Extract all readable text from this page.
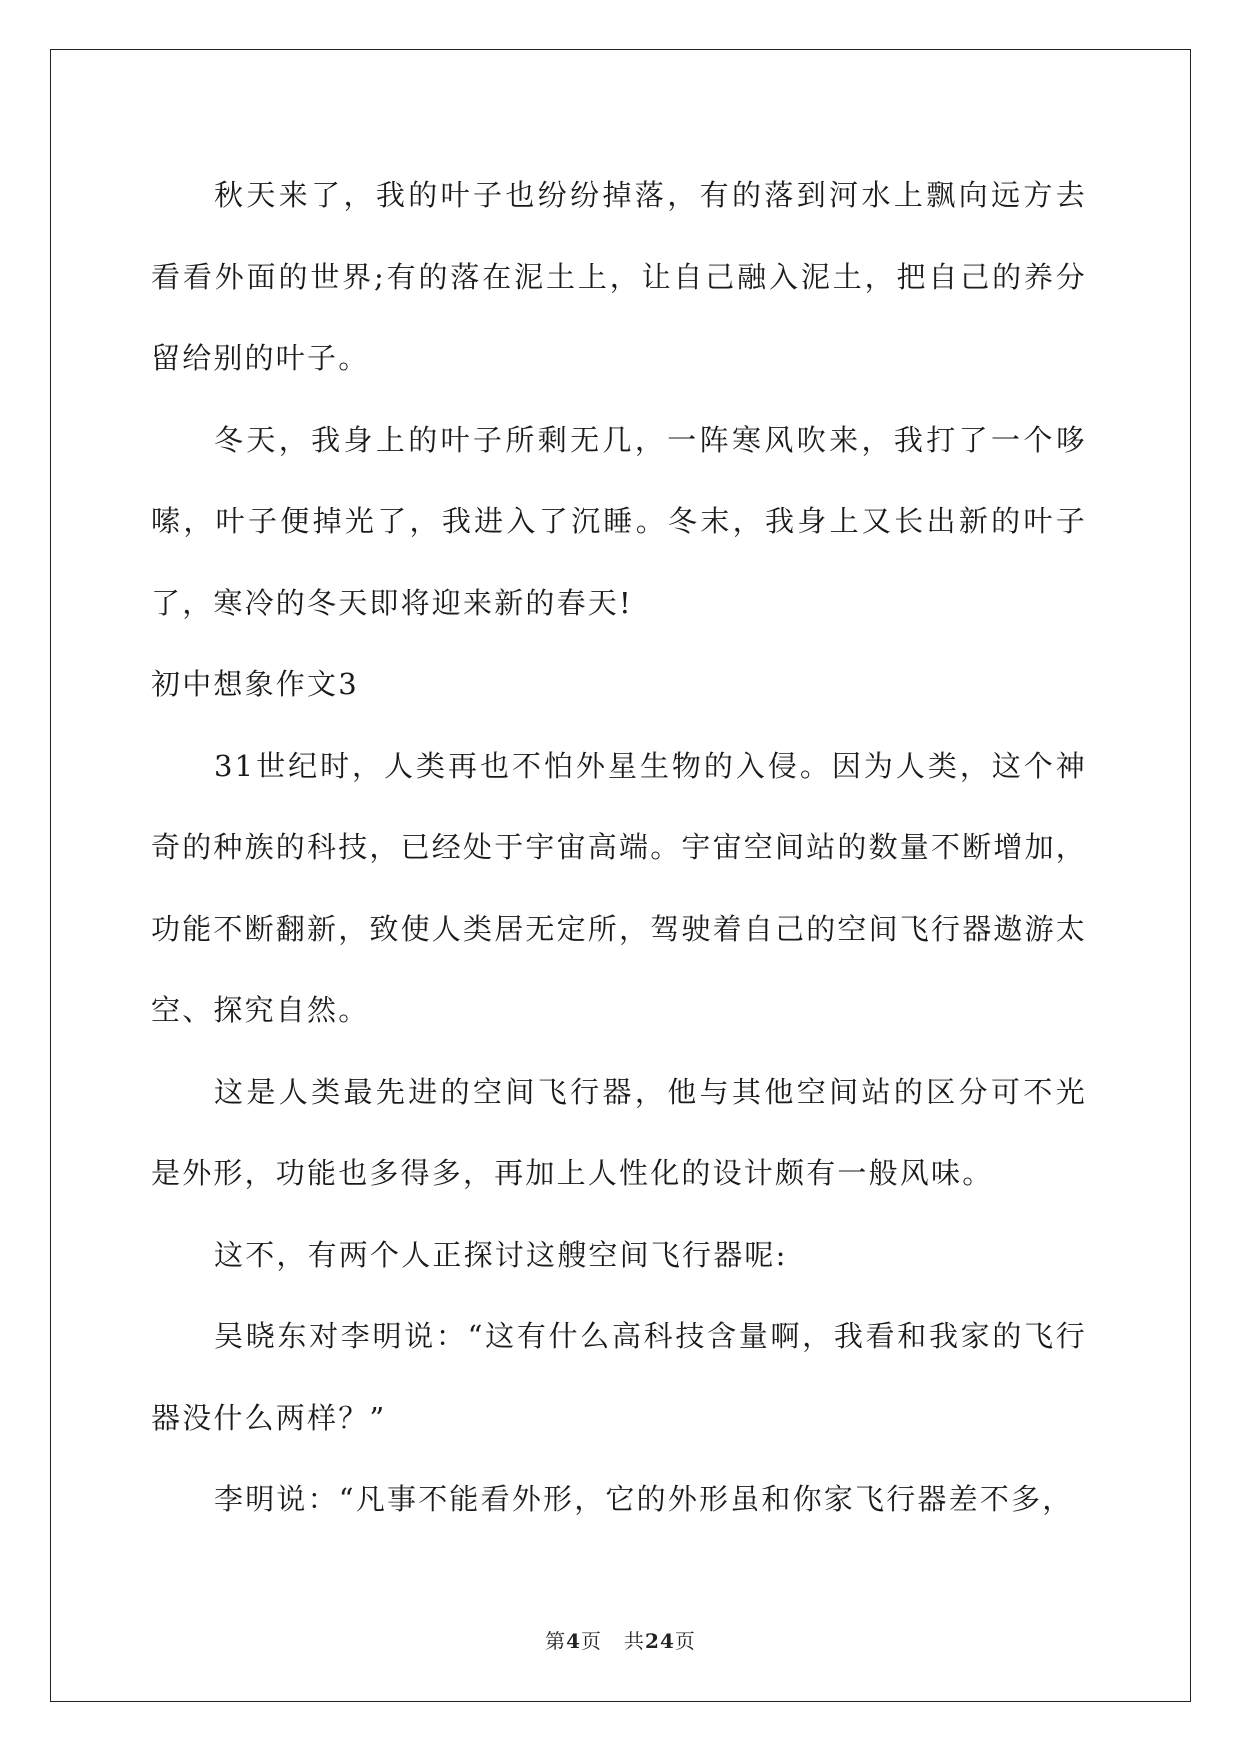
秋天来了，我的叶子也纷纷掉落，有的落到河水上飘向远方去看看外面的世界;有的落在泥土上，让自己融入泥土，把自己的养分留给别的叶子。

冬天，我身上的叶子所剩无几，一阵寒风吹来，我打了一个哆嗦，叶子便掉光了，我进入了沉睡。冬末，我身上又长出新的叶子了，寒冷的冬天即将迎来新的春天!

初中想象作文3

31世纪时，人类再也不怕外星生物的入侵。因为人类，这个神奇的种族的科技，已经处于宇宙高端。宇宙空间站的数量不断增加，功能不断翻新，致使人类居无定所，驾驶着自己的空间飞行器遨游太空、探究自然。

这是人类最先进的空间飞行器，他与其他空间站的区分可不光是外形，功能也多得多，再加上人性化的设计颇有一般风味。

这不，有两个人正探讨这艘空间飞行器呢:

吴晓东对李明说：“这有什么高科技含量啊，我看和我家的飞行器没什么两样？”

李明说：“凡事不能看外形，它的外形虽和你家飞行器差不多，

第4页 共24页
